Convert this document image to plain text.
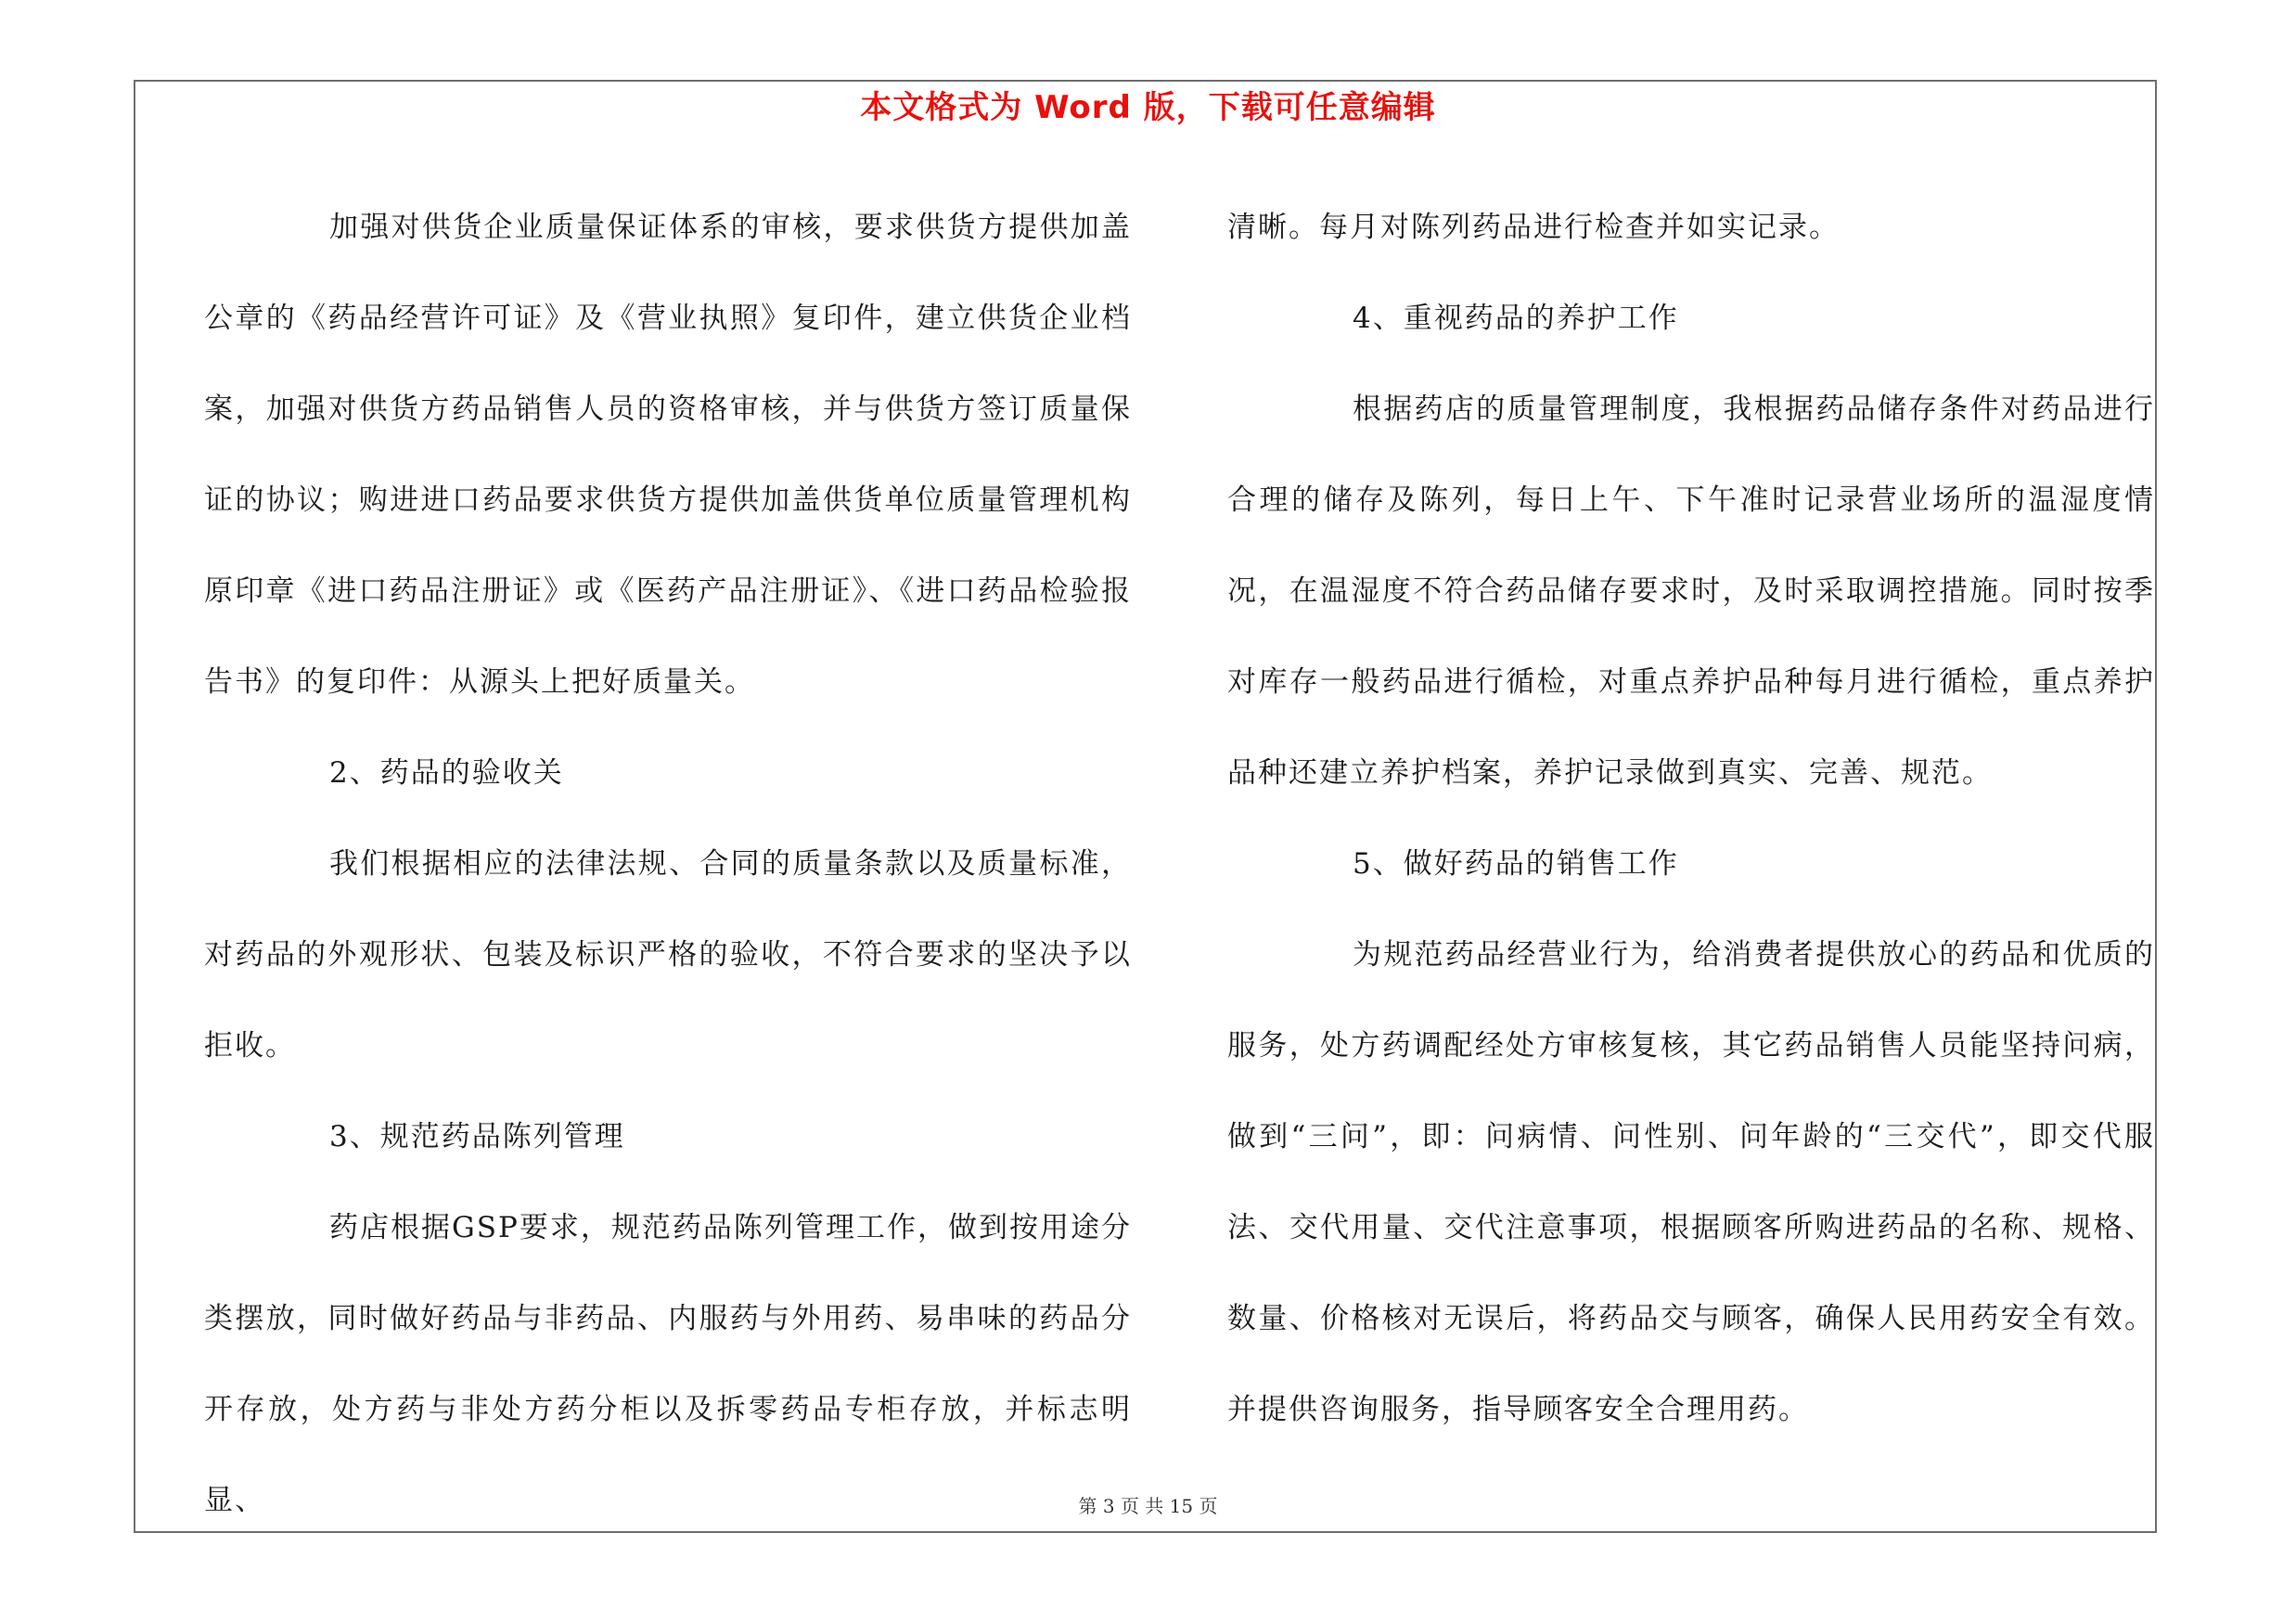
本文格式为 Word 版，下载可任意编辑

加强对供货企业质量保证体系的审核，要求供货方提供加盖公章的《药品经营许可证》及《营业执照》复印件，建立供货企业档案，加强对供货方药品销售人员的资格审核，并与供货方签订质量保证的协议；购进进口药品要求供货方提供加盖供货单位质量管理机构原印章《进口药品注册证》或《医药产品注册证》、《进口药品检验报告书》的复印件：从源头上把好质量关。

2、药品的验收关

我们根据相应的法律法规、合同的质量条款以及质量标准，对药品的外观形状、包装及标识严格的验收，不符合要求的坚决予以拒收。

3、规范药品陈列管理

药店根据GSP要求，规范药品陈列管理工作，做到按用途分类摆放，同时做好药品与非药品、内服药与外用药、易串味的药品分开存放，处方药与非处方药分柜以及拆零药品专柜存放，并标志明显、

清晰。每月对陈列药品进行检查并如实记录。

4、重视药品的养护工作

根据药店的质量管理制度，我根据药品储存条件对药品进行合理的储存及陈列，每日上午、下午准时记录营业场所的温湿度情况，在温湿度不符合药品储存要求时，及时采取调控措施。同时按季对库存一般药品进行循检，对重点养护品种每月进行循检，重点养护品种还建立养护档案，养护记录做到真实、完善、规范。

5、做好药品的销售工作

为规范药品经营业行为，给消费者提供放心的药品和优质的服务，处方药调配经处方审核复核，其它药品销售人员能坚持问病，做到“三问”，即：问病情、问性别、问年龄的“三交代”，即交代服法、交代用量、交代注意事项，根据顾客所购进药品的名称、规格、数量、价格核对无误后，将药品交与顾客，确保人民用药安全有效。并提供咨询服务，指导顾客安全合理用药。

第 3 页 共 15 页
